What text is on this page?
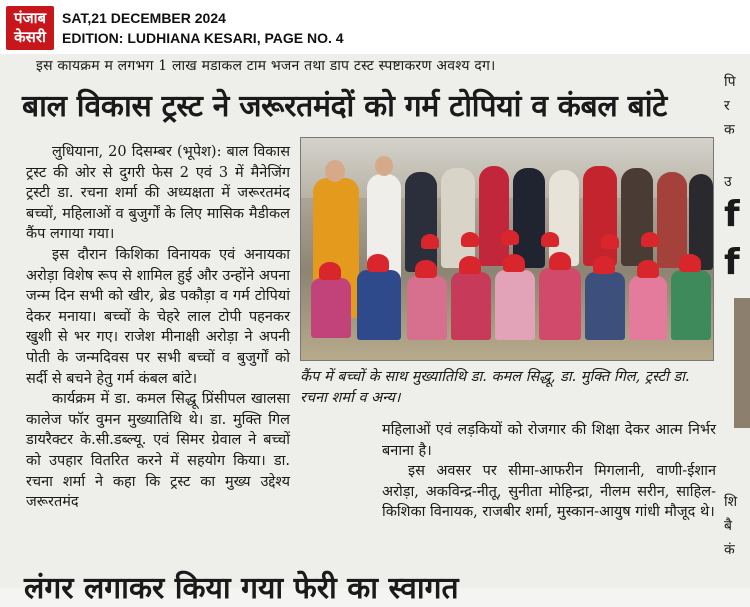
पंजाब
केसरी
SAT,21 DECEMBER 2024
EDITION: LUDHIANA KESARI, PAGE NO. 4
इस कायक्रम म लगभग 1 लाख मडाकल टाम भजन तथा डाप टस्ट स्पष्टाकरण अवश्य दग।
बाल विकास ट्रस्ट ने जरूरतमंदों को गर्म टोपियां व कंबल बांटे

लुधियाना, 20 दिसम्बर (भूपेश): बाल विकास ट्रस्ट की ओर से दुगरी फेस 2 एवं 3 में मैनेजिंग ट्रस्टी डा. रचना शर्मा की अध्यक्षता में जरूरतमंद बच्चों, महिलाओं व बुजुर्गों के लिए मासिक मैडीकल कैंप लगाया गया।

इस दौरान किशिका विनायक एवं अनायका अरोड़ा विशेष रूप से शामिल हुई और उन्होंने अपना जन्म दिन सभी को खीर, ब्रेड पकौड़ा व गर्म टोपियां देकर मनाया। बच्चों के चेहरे लाल टोपी पहनकर खुशी से भर गए। राजेश मीनाक्षी अरोड़ा ने अपनी पोती के जन्मदिवस पर सभी बच्चों व बुजुर्गों को सर्दी से बचने हेतु गर्म कंबल बांटे।

कार्यक्रम में डा. कमल सिद्धू प्रिंसीपल खालसा कालेज फॉर वुमन मुख्यातिथि थे। डा. मुक्ति गिल डायरैक्टर के.सी.डब्ल्यू. एवं सिमर ग्रेवाल ने बच्चों को उपहार वितरित करने में सहयोग किया। डा. रचना शर्मा ने कहा कि ट्रस्ट का मुख्य उद्देश्य जरूरतमंद

कैंप में बच्चों के साथ मुख्यातिथि डा. कमल सिद्धू, डा. मुक्ति गिल, ट्रस्टी डा. रचना शर्मा व अन्य।

महिलाओं एवं लड़कियों को रोजगार की शिक्षा देकर आत्म निर्भर बनाना है।

इस अवसर पर सीमा-आफरीन मिगलानी, वाणी-ईशान अरोड़ा, अकविन्द्र-नीतू, सुनीता मोहिन्द्रा, नीलम सरीन, साहिल-किशिका विनायक, राजबीर शर्मा, मुस्कान-आयुष गांधी मौजूद थे।

पि
र
क
उ
f
f
शि
बै
कं
लंगर लगाकर किया गया फेरी का स्वागत
